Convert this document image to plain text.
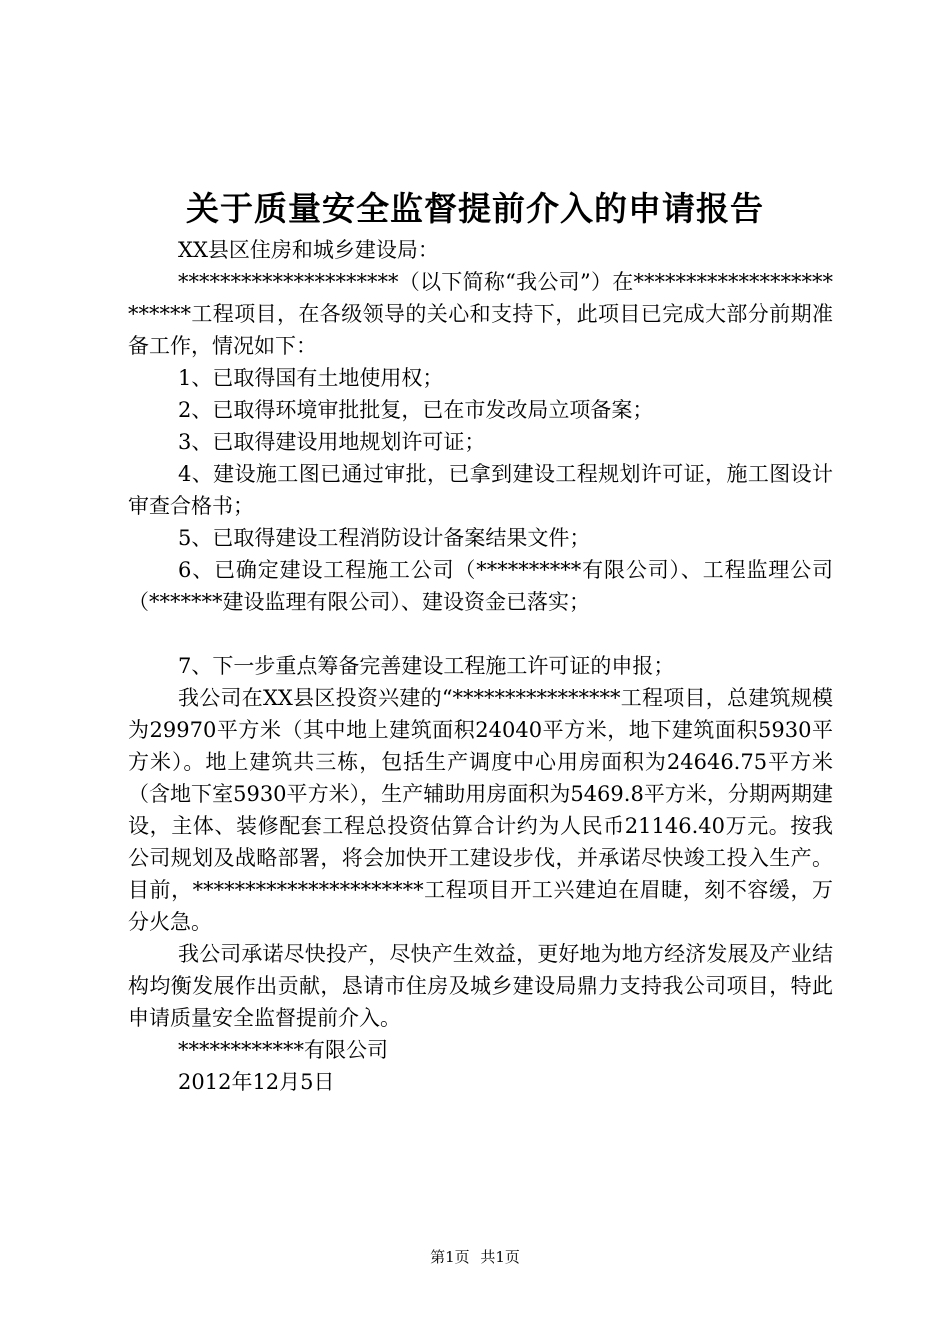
关于质量安全监督提前介入的申请报告

XX县区住房和城乡建设局：

*********************（以下简称“我公司”）在*************************工程项目，在各级领导的关心和支持下，此项目已完成大部分前期准备工作，情况如下：

1、已取得国有土地使用权；

2、已取得环境审批批复，已在市发改局立项备案；

3、已取得建设用地规划许可证；

4、建设施工图已通过审批，已拿到建设工程规划许可证，施工图设计审查合格书；

5、已取得建设工程消防设计备案结果文件；

6、已确定建设工程施工公司（**********有限公司）、工程监理公司（*******建设监理有限公司）、建设资金已落实；

7、下一步重点筹备完善建设工程施工许可证的申报；

我公司在XX县区投资兴建的“****************工程项目，总建筑规模为29970平方米（其中地上建筑面积24040平方米，地下建筑面积5930平方米）。地上建筑共三栋，包括生产调度中心用房面积为24646.75平方米（含地下室5930平方米），生产辅助用房面积为5469.8平方米，分期两期建设，主体、装修配套工程总投资估算合计约为人民币21146.40万元。按我公司规划及战略部署，将会加快开工建设步伐，并承诺尽快竣工投入生产。目前，**********************工程项目开工兴建迫在眉睫，刻不容缓，万分火急。

我公司承诺尽快投产，尽快产生效益，更好地为地方经济发展及产业结构均衡发展作出贡献，恳请市住房及城乡建设局鼎力支持我公司项目，特此申请质量安全监督提前介入。

************有限公司

2012年12月5日

第1页 共1页
